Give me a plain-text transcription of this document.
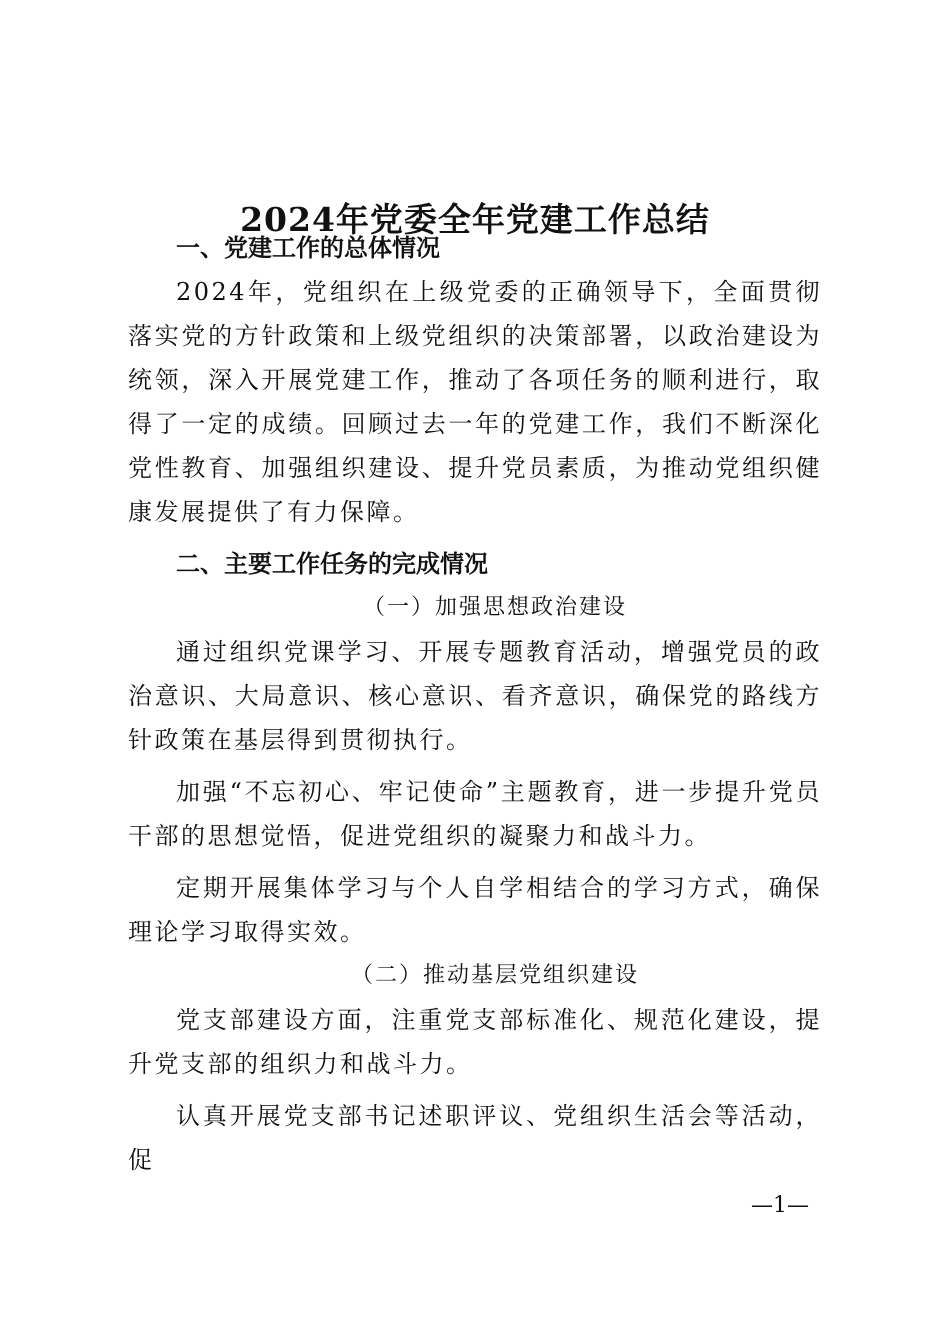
2024年党委全年党建工作总结
一、党建工作的总体情况

2024年，党组织在上级党委的正确领导下，全面贯彻落实党的方针政策和上级党组织的决策部署，以政治建设为统领，深入开展党建工作，推动了各项任务的顺利进行，取得了一定的成绩。回顾过去一年的党建工作，我们不断深化党性教育、加强组织建设、提升党员素质，为推动党组织健康发展提供了有力保障。

二、主要工作任务的完成情况
（一）加强思想政治建设

通过组织党课学习、开展专题教育活动，增强党员的政治意识、大局意识、核心意识、看齐意识，确保党的路线方针政策在基层得到贯彻执行。

加强“不忘初心、牢记使命”主题教育，进一步提升党员干部的思想觉悟，促进党组织的凝聚力和战斗力。

定期开展集体学习与个人自学相结合的学习方式，确保理论学习取得实效。

（二）推动基层党组织建设

党支部建设方面，注重党支部标准化、规范化建设，提升党支部的组织力和战斗力。

认真开展党支部书记述职评议、党组织生活会等活动，促

—1—
